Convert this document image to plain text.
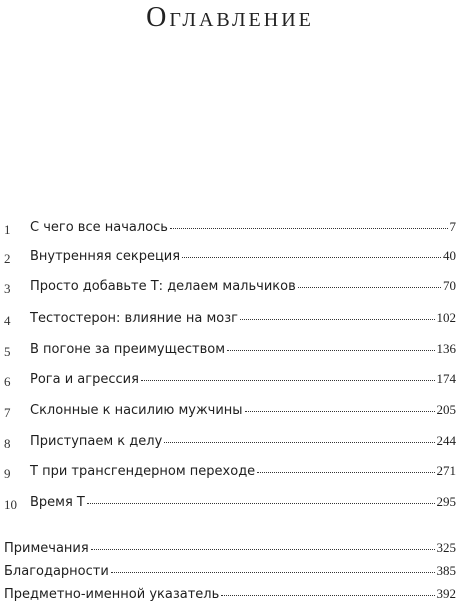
Оглавление
1 С чего все началось	7
2 Внутренняя секреция	40
3 Просто добавьте Т: делаем мальчиков	70
4 Тестостерон: влияние на мозг	102
5 В погоне за преимуществом	136
6 Рога и агрессия	174
7 Склонные к насилию мужчины	205
8 Приступаем к делу	244
9 Т при трансгендерном переходе	271
10 Время Т	295
Примечания	325
Благодарности	385
Предметно-именной указатель	392
